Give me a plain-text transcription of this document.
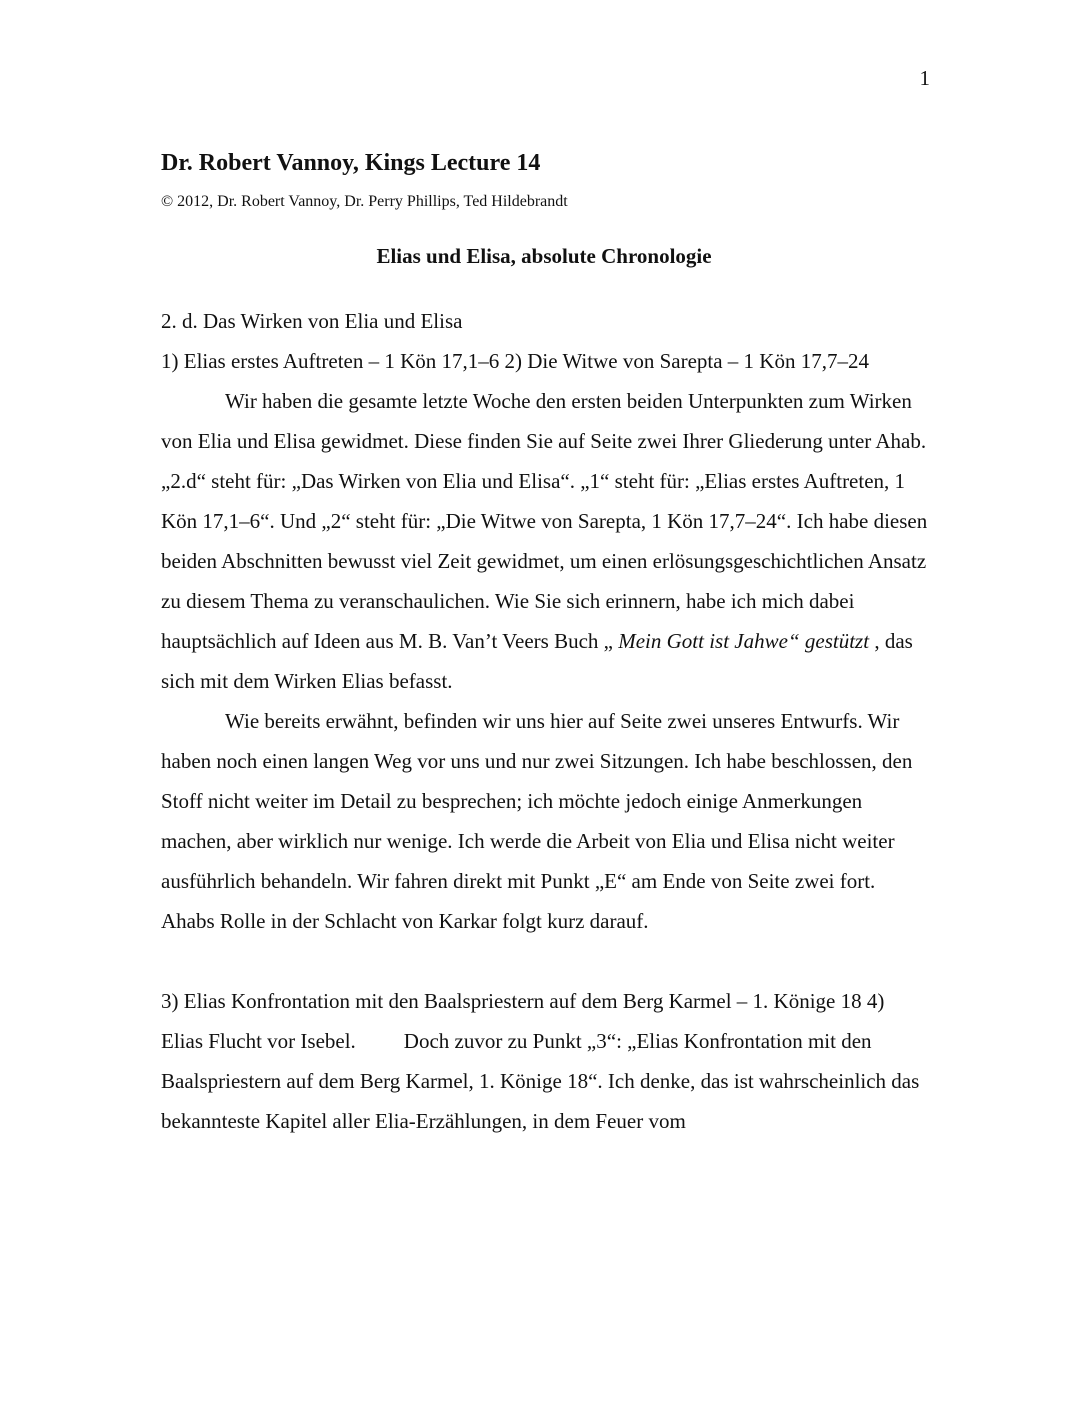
1
Dr. Robert Vannoy, Kings Lecture 14
© 2012, Dr. Robert Vannoy, Dr. Perry Phillips, Ted Hildebrandt
Elias und Elisa, absolute Chronologie

2. d. Das Wirken von Elia und Elisa

1) Elias erstes Auftreten – 1 Kön 17,1–6 2) Die Witwe von Sarepta – 1 Kön 17,7–24

Wir haben die gesamte letzte Woche den ersten beiden Unterpunkten zum Wirken von Elia und Elisa gewidmet. Diese finden Sie auf Seite zwei Ihrer Gliederung unter Ahab. „2.d“ steht für: „Das Wirken von Elia und Elisa“. „1“ steht für: „Elias erstes Auftreten, 1 Kön 17,1–6“. Und „2“ steht für: „Die Witwe von Sarepta, 1 Kön 17,7–24“. Ich habe diesen beiden Abschnitten bewusst viel Zeit gewidmet, um einen erlösungsgeschichtlichen Ansatz zu diesem Thema zu veranschaulichen. Wie Sie sich erinnern, habe ich mich dabei hauptsächlich auf Ideen aus M. B. Van’t Veers Buch „ Mein Gott ist Jahwe“ gestützt , das sich mit dem Wirken Elias befasst.

Wie bereits erwähnt, befinden wir uns hier auf Seite zwei unseres Entwurfs. Wir haben noch einen langen Weg vor uns und nur zwei Sitzungen. Ich habe beschlossen, den Stoff nicht weiter im Detail zu besprechen; ich möchte jedoch einige Anmerkungen machen, aber wirklich nur wenige. Ich werde die Arbeit von Elia und Elisa nicht weiter ausführlich behandeln. Wir fahren direkt mit Punkt „E“ am Ende von Seite zwei fort. Ahabs Rolle in der Schlacht von Karkar folgt kurz darauf.

3) Elias Konfrontation mit den Baalspriestern auf dem Berg Karmel – 1. Könige 18 4) Elias Flucht vor Isebel. Doch zuvor zu Punkt „3“: „Elias Konfrontation mit den Baalspriestern auf dem Berg Karmel, 1. Könige 18“. Ich denke, das ist wahrscheinlich das bekannteste Kapitel aller Elia-Erzählungen, in dem Feuer vom
